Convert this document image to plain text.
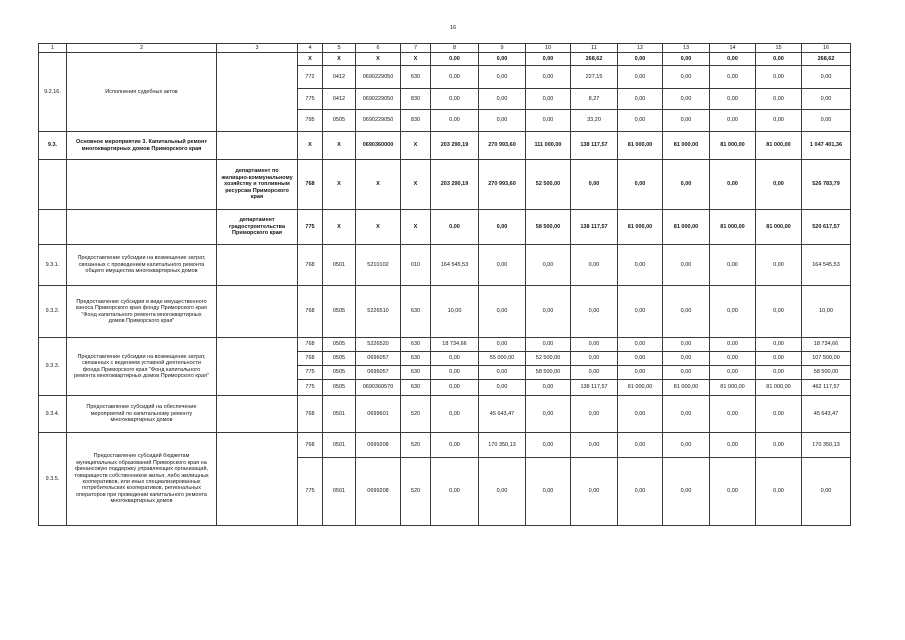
16
1	2	3	4	5	6	7	8	9	10	11	12	13	14	15	16
9.2.16.	Исполнения судебных актов		X	X	X	X	0,00	0,00	0,00	268,62	0,00	0,00	0,00	0,00	268,62
			772	0412	0690229050	630	0,00	0,00	0,00	227,15	0,00	0,00	0,00	0,00	0,00
			775	0412	0690229050	830	0,00	0,00	0,00	8,27	0,00	0,00	0,00	0,00	0,00
			795	0505	0690229050	830	0,00	0,00	0,00	33,20	0,00	0,00	0,00	0,00	0,00
9.3.	Основное мероприятие 3. Капитальный ремонт многоквартирных домов Приморского края		X	X	0690360000	X	203 290,19	270 993,60	111 000,00	138 117,57	81 000,00	81 000,00	81 000,00	81 000,00	1 047 401,36
		департамент по жилищно-коммунальному хозяйству и топливным ресурсам Приморского края	768	X	X	X	203 290,19	270 993,60	52 500,00	0,00	0,00	0,00	0,00	0,00	526 783,79
		департамент градостроительства Приморского края	775	X	X	X	0,00	0,00	58 500,00	138 117,57	81 000,00	81 000,00	81 000,00	81 000,00	520 617,57
9.3.1.	Предоставление субсидии на возмещение затрат, связанных с проведением капитального ремонта общего имущества многоквартирных домов		768	0501	5210102	010	164 545,53	0,00	0,00	0,00	0,00	0,00	0,00	0,00	164 545,53
9.3.2.	Предоставление субсидии в виде имущественного взноса Приморского края фонду Приморского края "Фонд капитального ремонта многоквартирных домов Приморского края"		768	0505	5226510	630	10,00	0,00	0,00	0,00	0,00	0,00	0,00	0,00	10,00
9.3.3.	Предоставление субсидии на возмещение затрат, связанных с ведением уставной деятельности фонда Приморского края "Фонд капитального ремонта многоквартирных домов Приморского края"		768	0505	5226520	630	18 734,66	0,00	0,00	0,00	0,00	0,00	0,00	0,00	18 734,66
			768	0505	0696057	630	0,00	55 000,00	52 500,00	0,00	0,00	0,00	0,00	0,00	107 500,00
			775	0505	0696057	630	0,00	0,00	58 500,00	0,00	0,00	0,00	0,00	0,00	58 500,00
			775	0505	0690360570	630	0,00	0,00	0,00	138 117,57	81 000,00	81 000,00	81 000,00	81 000,00	462 117,57
9.3.4.	Предоставление субсидий на обеспечение мероприятий по капитальному ремонту многоквартирных домов		768	0501	0699601	520	0,00	45 643,47	0,00	0,00	0,00	0,00	0,00	0,00	45 643,47
9.3.5.	Предоставление субсидий бюджетам муниципальных образований Приморского края на финансовую поддержку управляющих организаций, товариществ собственников жилья, либо жилищных кооперативов, или иных специализированных потребительских кооперативов, региональных операторов при проведении капитального ремонта многоквартирных домов		768	0501	0699208	520	0,00	170 350,13	0,00	0,00	0,00	0,00	0,00	0,00	170 350,13
			775	0501	0699208	520	0,00	0,00	0,00	0,00	0,00	0,00	0,00	0,00	0,00
